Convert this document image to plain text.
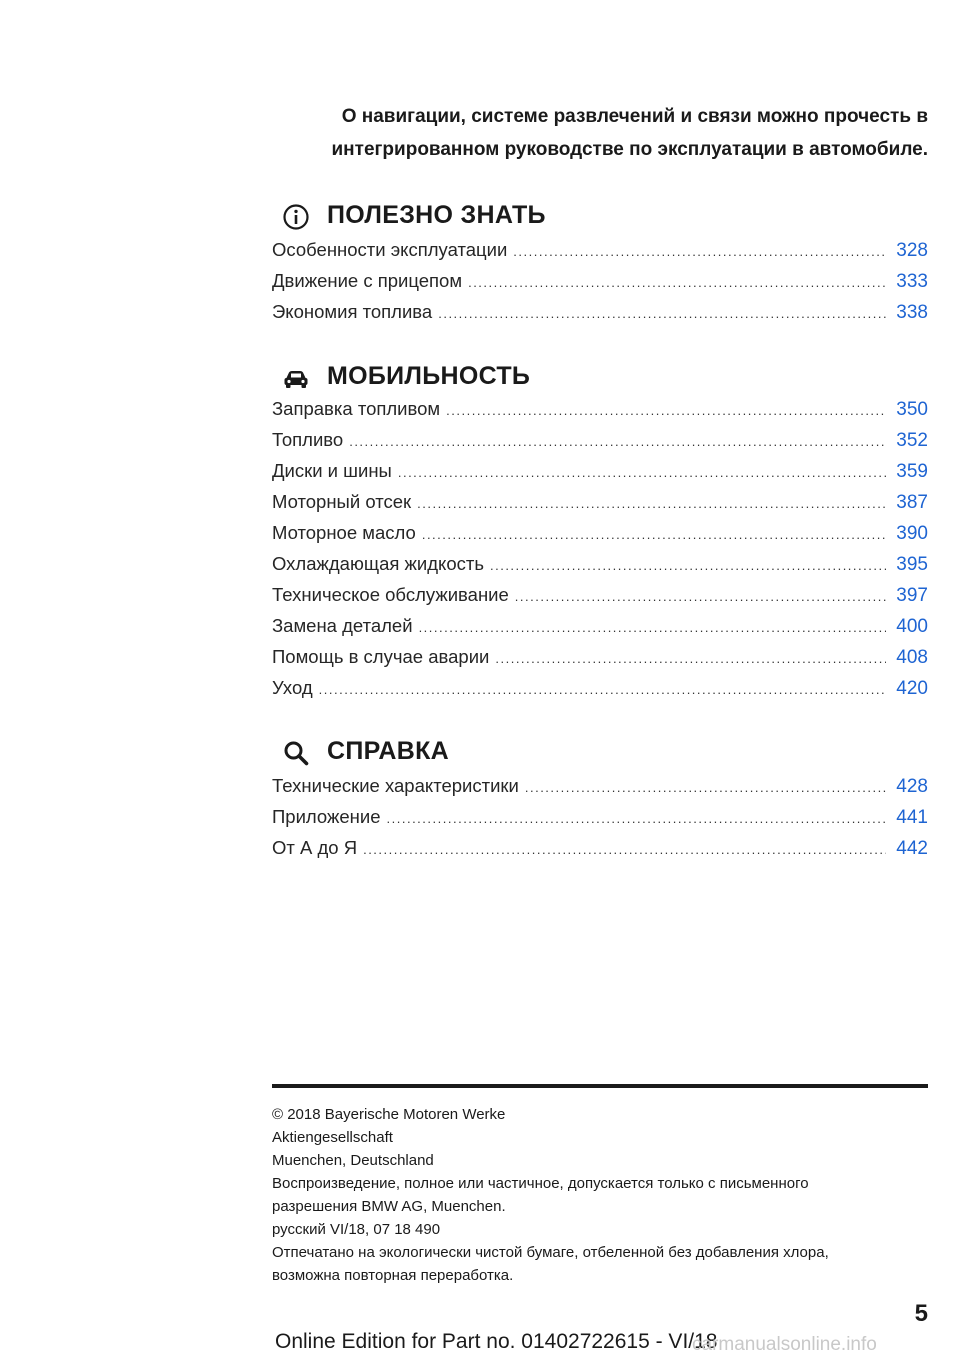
О навигации, системе развлечений и связи можно прочесть в
интегрированном руководстве по эксплуатации в автомобиле.
ПОЛЕЗНО ЗНАТЬ
Особенности эксплуатации .....	328
Движение с прицепом .....	333
Экономия топлива .....	338
МОБИЛЬНОСТЬ
Заправка топливом .....	350
Топливо .....	352
Диски и шины .....	359
Моторный отсек .....	387
Моторное масло .....	390
Охлаждающая жидкость .....	395
Техническое обслуживание .....	397
Замена деталей .....	400
Помощь в случае аварии .....	408
Уход .....	420
СПРАВКА
Технические характеристики .....	428
Приложение .....	441
От А до Я .....	442
© 2018 Bayerische Motoren Werke
Aktiengesellschaft
Muenchen, Deutschland
Воспроизведение, полное или частичное, допускается только с письменного
разрешения BMW AG, Muenchen.
русский VI/18, 07 18 490
Отпечатано на экологически чистой бумаге, отбеленной без добавления хлора,
возможна повторная переработка.
5
Online Edition for Part no. 01402722615 - VI/18
carmanualsonline.info
